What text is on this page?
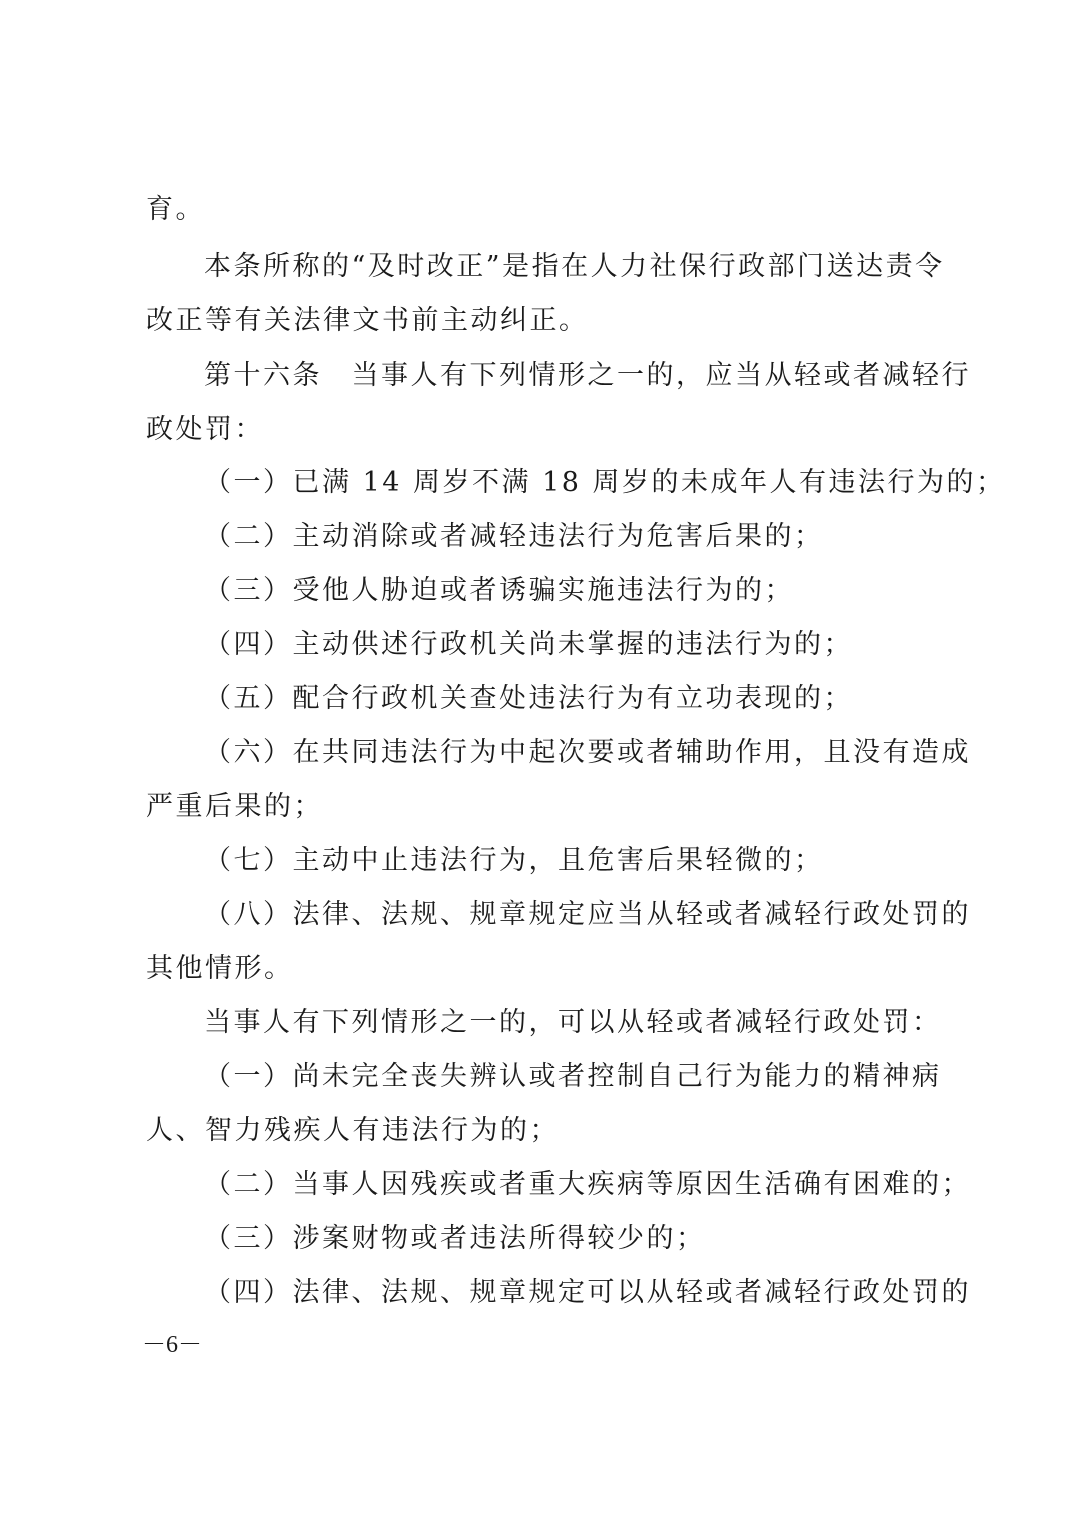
育。
本条所称的“及时改正”是指在人力社保行政部门送达责令
改正等有关法律文书前主动纠正。
第十六条　当事人有下列情形之一的，应当从轻或者减轻行
政处罚：
（一）已满 14 周岁不满 18 周岁的未成年人有违法行为的；
（二）主动消除或者减轻违法行为危害后果的；
（三）受他人胁迫或者诱骗实施违法行为的；
（四）主动供述行政机关尚未掌握的违法行为的；
（五）配合行政机关查处违法行为有立功表现的；
（六）在共同违法行为中起次要或者辅助作用，且没有造成
严重后果的；
（七）主动中止违法行为，且危害后果轻微的；
（八）法律、法规、规章规定应当从轻或者减轻行政处罚的
其他情形。
当事人有下列情形之一的，可以从轻或者减轻行政处罚：
（一）尚未完全丧失辨认或者控制自己行为能力的精神病
人、智力残疾人有违法行为的；
（二）当事人因残疾或者重大疾病等原因生活确有困难的；
（三）涉案财物或者违法所得较少的；
（四）法律、法规、规章规定可以从轻或者减轻行政处罚的
－6－
